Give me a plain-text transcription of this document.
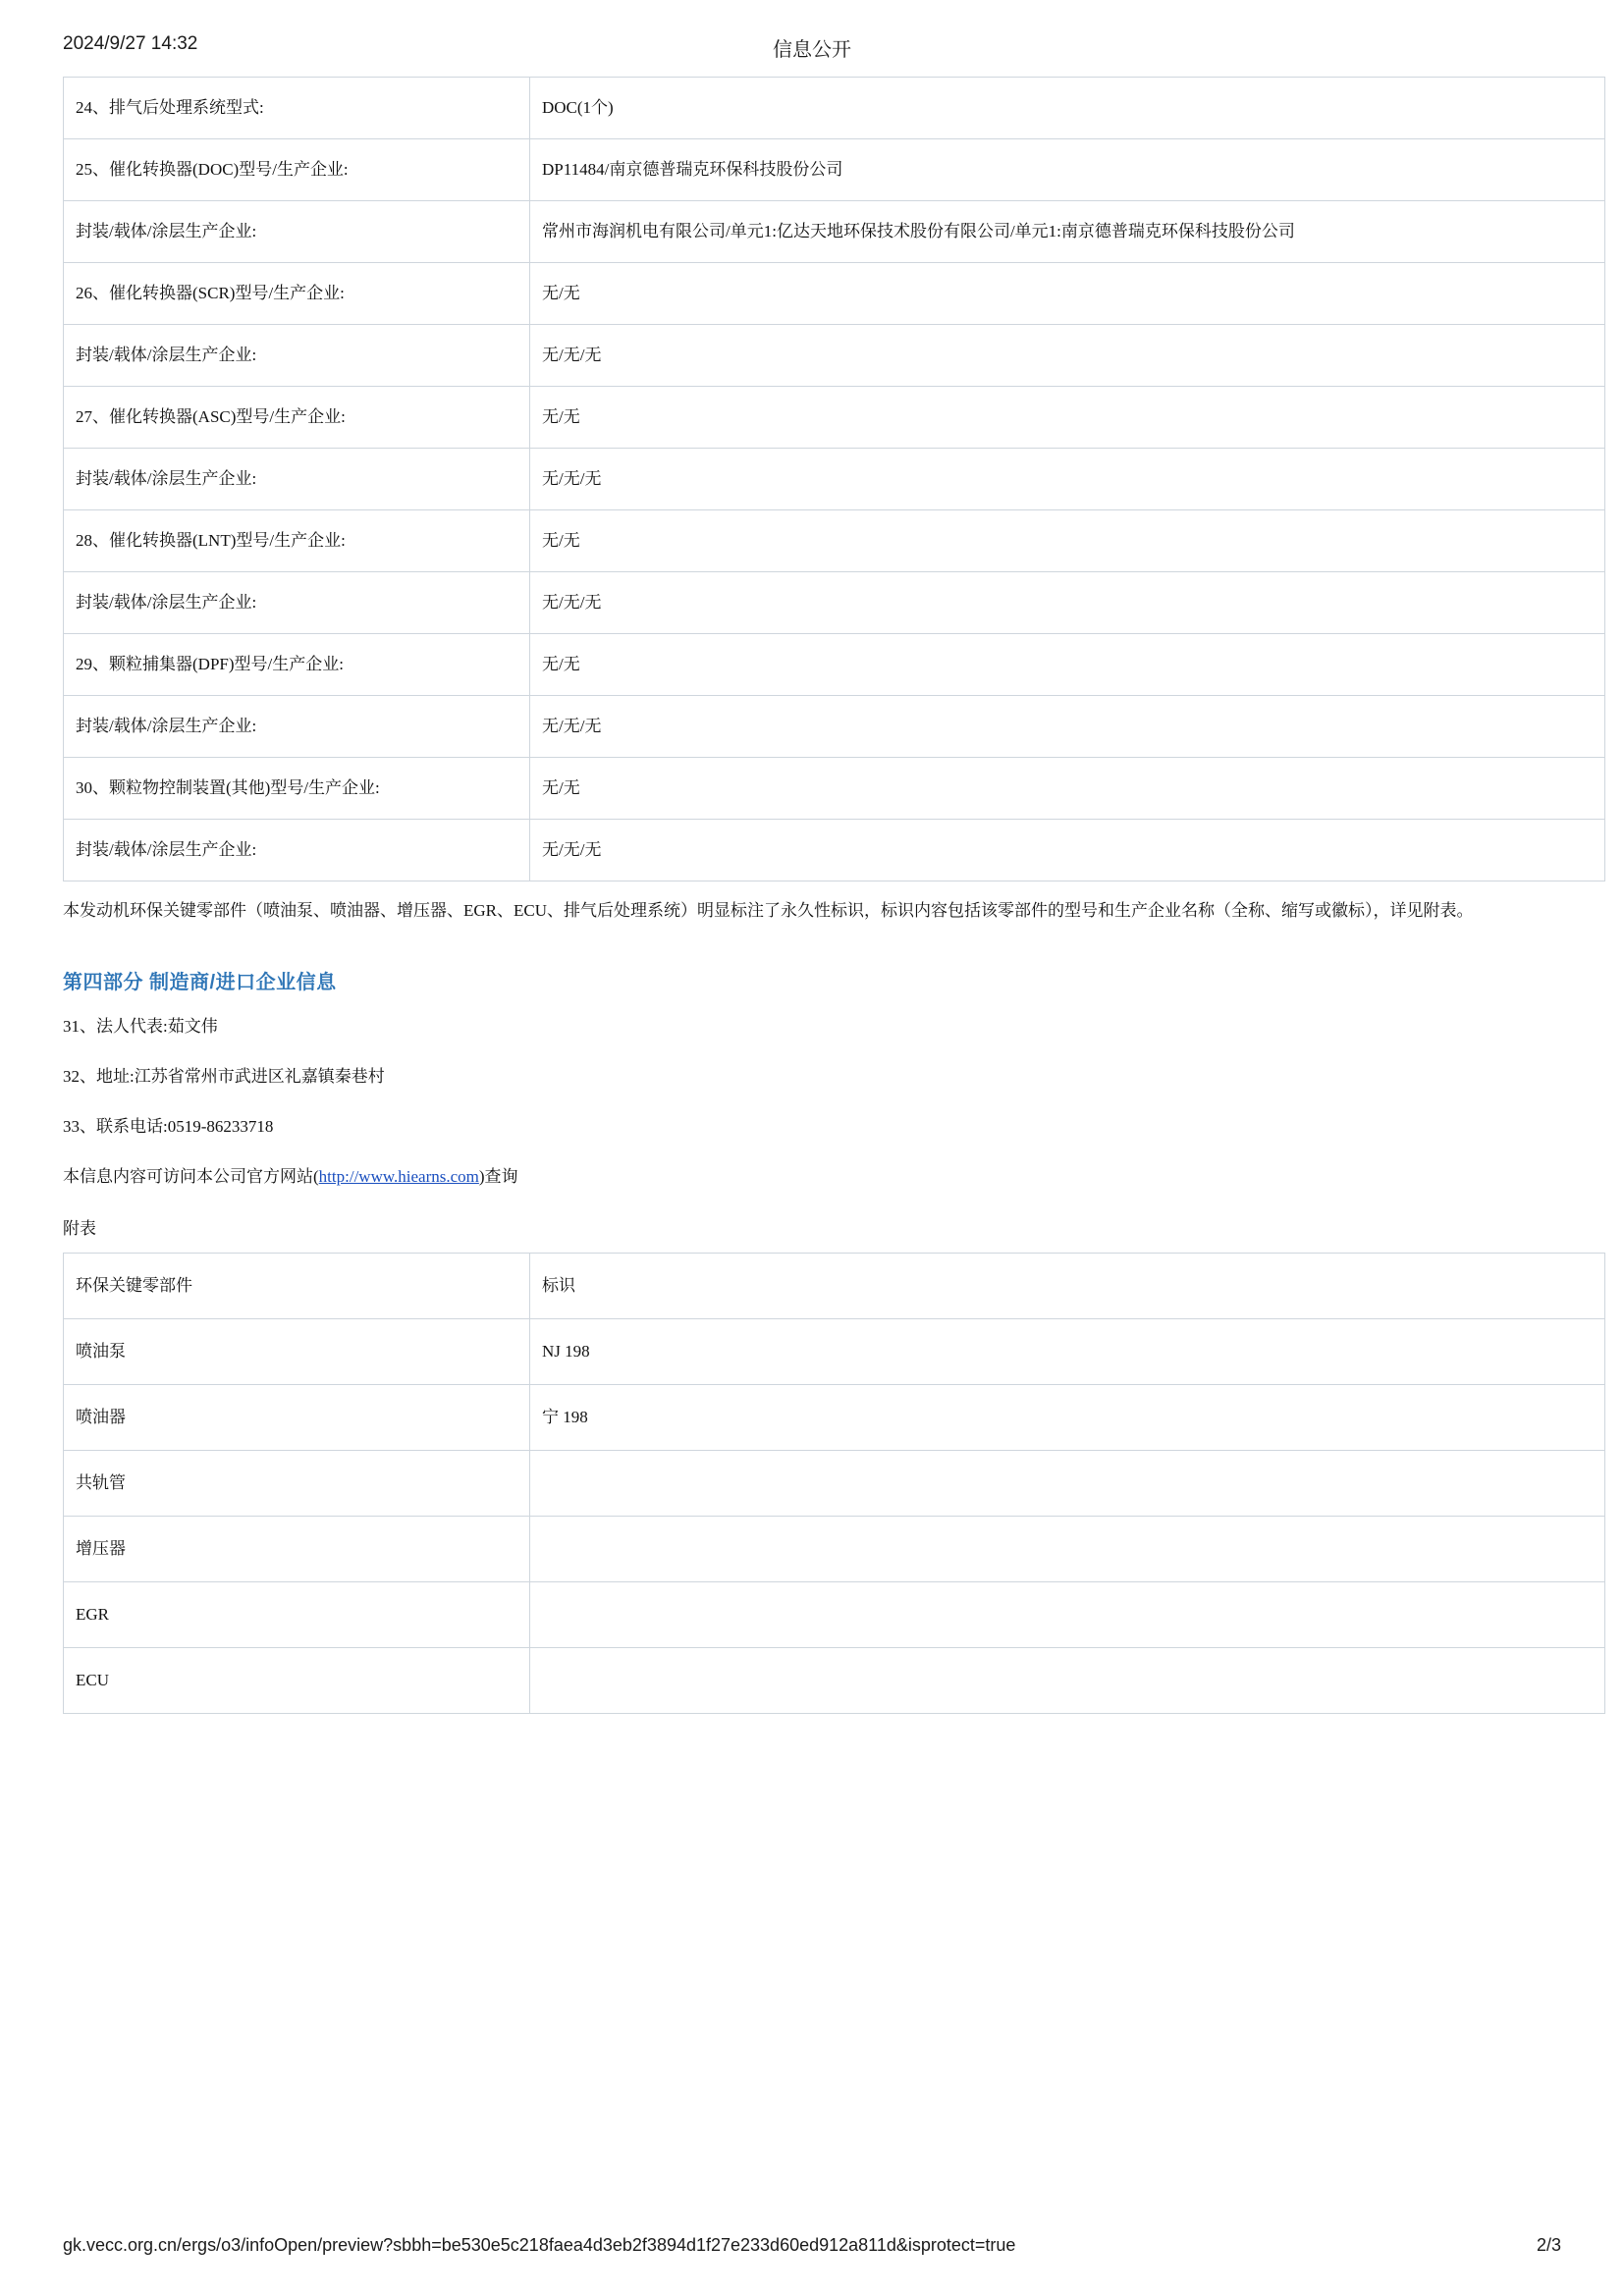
2024/9/27 14:32	信息公开
24、排气后处理系统型式:	DOC(1个)
25、催化转换器(DOC)型号/生产企业:	DP11484/南京德普瑞克环保科技股份公司
封装/载体/涂层生产企业:	常州市海润机电有限公司/单元1:亿达天地环保技术股份有限公司/单元1:南京德普瑞克环保科技股份公司
26、催化转换器(SCR)型号/生产企业:	无/无
封装/载体/涂层生产企业:	无/无/无
27、催化转换器(ASC)型号/生产企业:	无/无
封装/载体/涂层生产企业:	无/无/无
28、催化转换器(LNT)型号/生产企业:	无/无
封装/载体/涂层生产企业:	无/无/无
29、颗粒捕集器(DPF)型号/生产企业:	无/无
封装/载体/涂层生产企业:	无/无/无
30、颗粒物控制装置(其他)型号/生产企业:	无/无
封装/载体/涂层生产企业:	无/无/无

本发动机环保关键零部件（喷油泵、喷油器、增压器、EGR、ECU、排气后处理系统）明显标注了永久性标识，标识内容包括该零部件的型号和生产企业名称（全称、缩写或徽标），详见附表。

第四部分 制造商/进口企业信息
31、法人代表:茹文伟
32、地址:江苏省常州市武进区礼嘉镇秦巷村
33、联系电话:0519-86233718
本信息内容可访问本公司官方网站(http://www.hiearns.com)查询
附表
环保关键零部件	标识
喷油泵	NJ 198
喷油器	宁 198
共轨管	
增压器	
EGR	
ECU	
gk.vecc.org.cn/ergs/o3/infoOpen/preview?sbbh=be530e5c218faea4d3eb2f3894d1f27e233d60ed912a811d&isprotect=true	2/3
